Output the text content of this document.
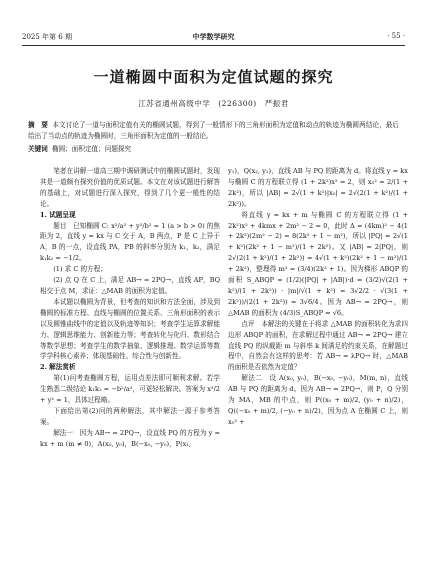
2025 年第 6 期	中学数学研究	· 55 ·
一道椭圆中面积为定值试题的探究
江苏省通州高级中学　(226300)　严振君
摘　要 本文讨论了一道与面积定值有关的椭圆试题，得到了一般情形下的三角形面积为定值和动点的轨迹为椭圆两结论，最后给出了当动点的轨迹为椭圆时，三角形面积为定值的一般结论。
关键词 椭圆；面积定值；问题探究

笔者在讲解一道高三期中调研测试中的椭圆试题时，发现其是一道颇有探究价值的优质试题。本文在对该试题进行解答的基础上，对试题进行深入探究，得到了几个更一般性的结论。

1. 试题呈现

题目　已知椭圆 C: x²/a² + y²/b² = 1 (a > b > 0) 的焦距为 2，直线 y = kx 与 C 交于 A，B 两点，P 是 C 上异于 A，B 的一点，设直线 PA，PB 的斜率分别为 k₁，k₂，满足 k₁k₂ = −1/2。

(1) 求 C 的方程；

(2) 点 Q 在 C 上，满足 AB→ = 2PQ→，直线 AP，BQ 相交于点 M，求证：△MAB 的面积为定值。

本试题以椭圆为背景，但考查的知识和方法全面，涉及到椭圆的标准方程、直线与椭圆的位置关系、三角形面积的表示以及圆锥曲线中的定值以及轨迹等知识；考查学生运算求解能力、逻辑思维能力、创新能力等；考查转化与化归、数形结合等数学思想；考查学生的数学抽象、逻辑推理、数学运算等数学学科核心素养；体现基础性、综合性与创新性。

2. 解法赏析

第(1)问考查椭圆方程，运用点差法即可顺利求解。若学生熟悉二级结论 k₁k₂ = −b²/a²，可更轻松解决。答案为 x²/2 + y² = 1，具体过程略。

下面给出第(2)问的两种解法，其中解法一源于参考答案。

解法一　因为 AB→ = 2PQ→，设直线 PQ 的方程为 y = kx + m (m ≠ 0)，A(x₀, y₀)，B(−x₀, −y₀)，P(x₁,

y₁)，Q(x₂, y₂)，直线 AB 与 PQ 的距离为 d。将直线 y = kx 与椭圆 C 的方程联立得 (1 + 2k²)x² = 2，则 x₀² = 2/(1 + 2k²)，所以 |AB| = 2√(1 + k²)|x₀| = 2√(2(1 + k²)/(1 + 2k²))。

将直线 y = kx + m 与椭圆 C 的方程联立得 (1 + 2k²)x² + 4kmx + 2m² − 2 = 0，此时 Δ = (4km)² − 4(1 + 2k²)(2m² − 2) = 8(2k² + 1 − m²)，所以 |PQ| = 2√(1 + k²)(2k² + 1 − m²)/(1 + 2k²)。又 |AB| = 2|PQ|，则 2√(2(1 + k²)/(1 + 2k²)) = 4√(1 + k²)(2k² + 1 − m²)/(1 + 2k²)，整理得 m² = (3/4)(2k² + 1)。因为梯形 ABQP 的面积 S_ABQP = (1/2)(|PQ| + |AB|)·d = (3/2)√(2(1 + k²)/(1 + 2k²)) · |m|/√(1 + k²) = 3√2/2 · √(3(1 + 2k²))/(2(1 + 2k²)) = 3√6/4。因为 AB→ = 2PQ→，则 △MAB 的面积为 (4/3)S_ABQP = √6。

点评　本解法的关键在于将求 △MAB 的面积转化为求四边形 ABQP 的面积，在求解过程中通过 AB→ = 2PQ→ 建立直线 PQ 的纵截距 m 与斜率 k 间满足的约束关系，在解题过程中，自然会有这样的思考：若 AB→ = λPQ→ 时，△MAB 的面积是否依然为定值？

解法二　设 A(x₀, y₀)，B(−x₀, −y₀)，M(m, n)，直线 AB 与 PQ 的距离为 d。因为 AB→ = 2PQ→，则 P，Q 分别为 MA，MB 的中点，则 P((x₀ + m)/2, (y₀ + n)/2)，Q((−x₀ + m)/2, (−y₀ + n)/2)，因为点 A 在椭圆 C 上，则 x₀² +
